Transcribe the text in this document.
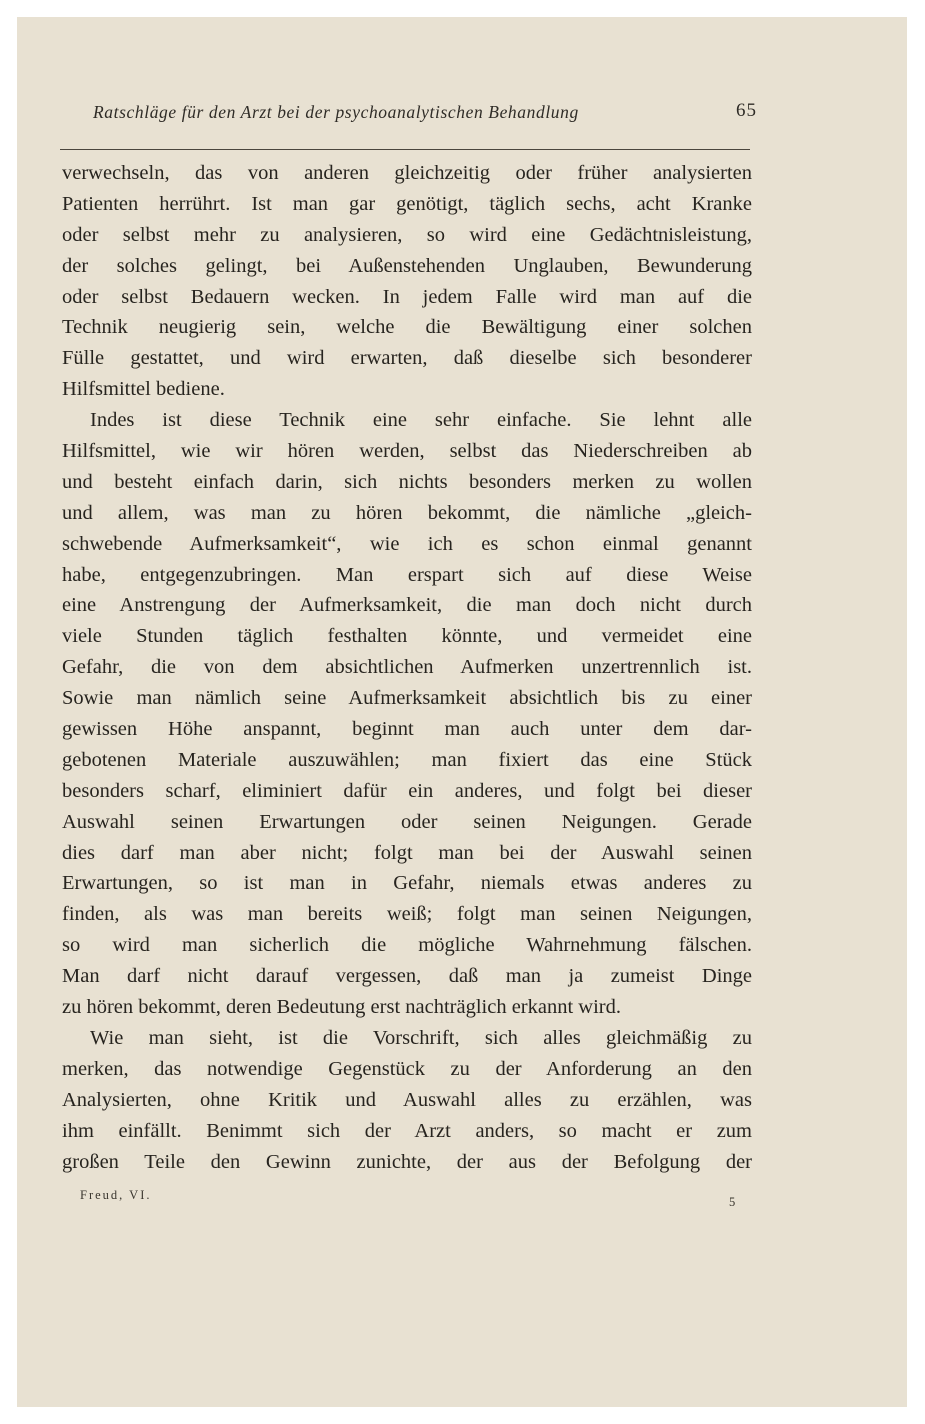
Ratschläge für den Arzt bei der psychoanalytischen Behandlung	65
verwechseln, das von anderen gleichzeitig oder früher analysierten
Patienten herrührt. Ist man gar genötigt, täglich sechs, acht Kranke
oder selbst mehr zu analysieren, so wird eine Gedächtnisleistung,
der solches gelingt, bei Außenstehenden Unglauben, Bewunderung
oder selbst Bedauern wecken. In jedem Falle wird man auf die
Technik neugierig sein, welche die Bewältigung einer solchen
Fülle gestattet, und wird erwarten, daß dieselbe sich besonderer
Hilfsmittel bediene.
Indes ist diese Technik eine sehr einfache. Sie lehnt alle
Hilfsmittel, wie wir hören werden, selbst das Niederschreiben ab
und besteht einfach darin, sich nichts besonders merken zu wollen
und allem, was man zu hören bekommt, die nämliche „gleich-
schwebende Aufmerksamkeit“, wie ich es schon einmal genannt
habe, entgegenzubringen. Man erspart sich auf diese Weise
eine Anstrengung der Aufmerksamkeit, die man doch nicht durch
viele Stunden täglich festhalten könnte, und vermeidet eine
Gefahr, die von dem absichtlichen Aufmerken unzertrennlich ist.
Sowie man nämlich seine Aufmerksamkeit absichtlich bis zu einer
gewissen Höhe anspannt, beginnt man auch unter dem dar-
gebotenen Materiale auszuwählen; man fixiert das eine Stück
besonders scharf, eliminiert dafür ein anderes, und folgt bei dieser
Auswahl seinen Erwartungen oder seinen Neigungen. Gerade
dies darf man aber nicht; folgt man bei der Auswahl seinen
Erwartungen, so ist man in Gefahr, niemals etwas anderes zu
finden, als was man bereits weiß; folgt man seinen Neigungen,
so wird man sicherlich die mögliche Wahrnehmung fälschen.
Man darf nicht darauf vergessen, daß man ja zumeist Dinge
zu hören bekommt, deren Bedeutung erst nachträglich erkannt wird.
Wie man sieht, ist die Vorschrift, sich alles gleichmäßig zu
merken, das notwendige Gegenstück zu der Anforderung an den
Analysierten, ohne Kritik und Auswahl alles zu erzählen, was
ihm einfällt. Benimmt sich der Arzt anders, so macht er zum
großen Teile den Gewinn zunichte, der aus der Befolgung der
Freud, VI.	5
